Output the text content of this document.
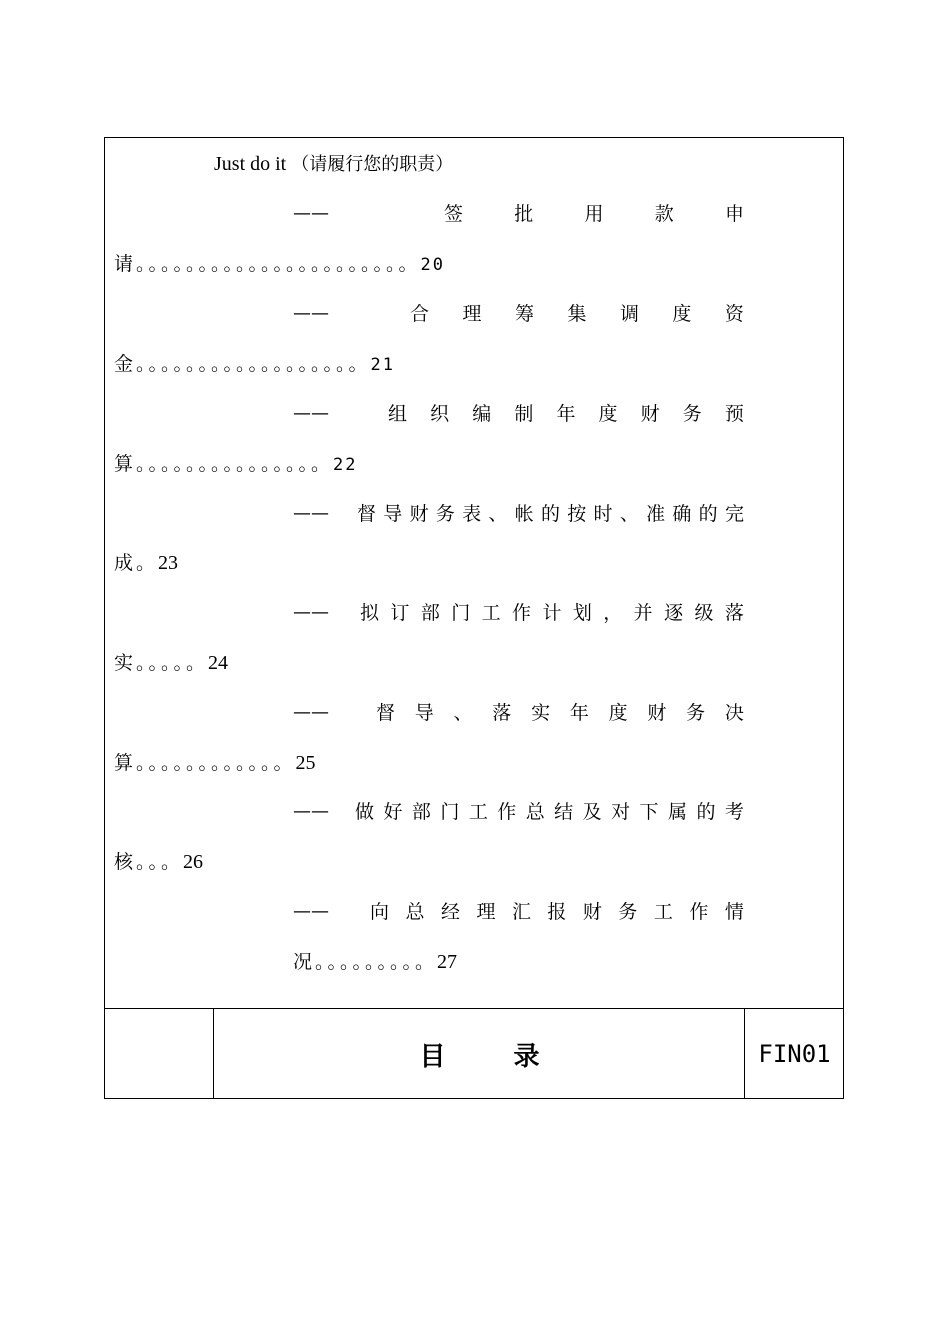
Just do it （请履行您的职责）
——	签	批	用	款	申
请。。。。。。。。。。。。。。。。。。。。。。20
——	合 理 筹 集 调 度 资
金。。。。。。。。。。。。。。。。。。21
——	组 织 编 制 年 度 财 务 预
算。。。。。。。。。。。。。。。22
—— 督 导 财 务 表 、 帐 的 按 时 、 准 确 的 完
成。23
—— 拟 订 部 门 工 作 计 划 ， 并 逐 级 落
实。。。。。24
—— 督 导 、 落 实 年 度 财 务 决
算。。。。。。。。。。。。25
—— 做 好 部 门 工 作 总 结 及 对 下 属 的 考
核。。。26
—— 向 总 经 理 汇 报 财 务 工 作 情
况。。。。。。。。。27
目录	FIN01
